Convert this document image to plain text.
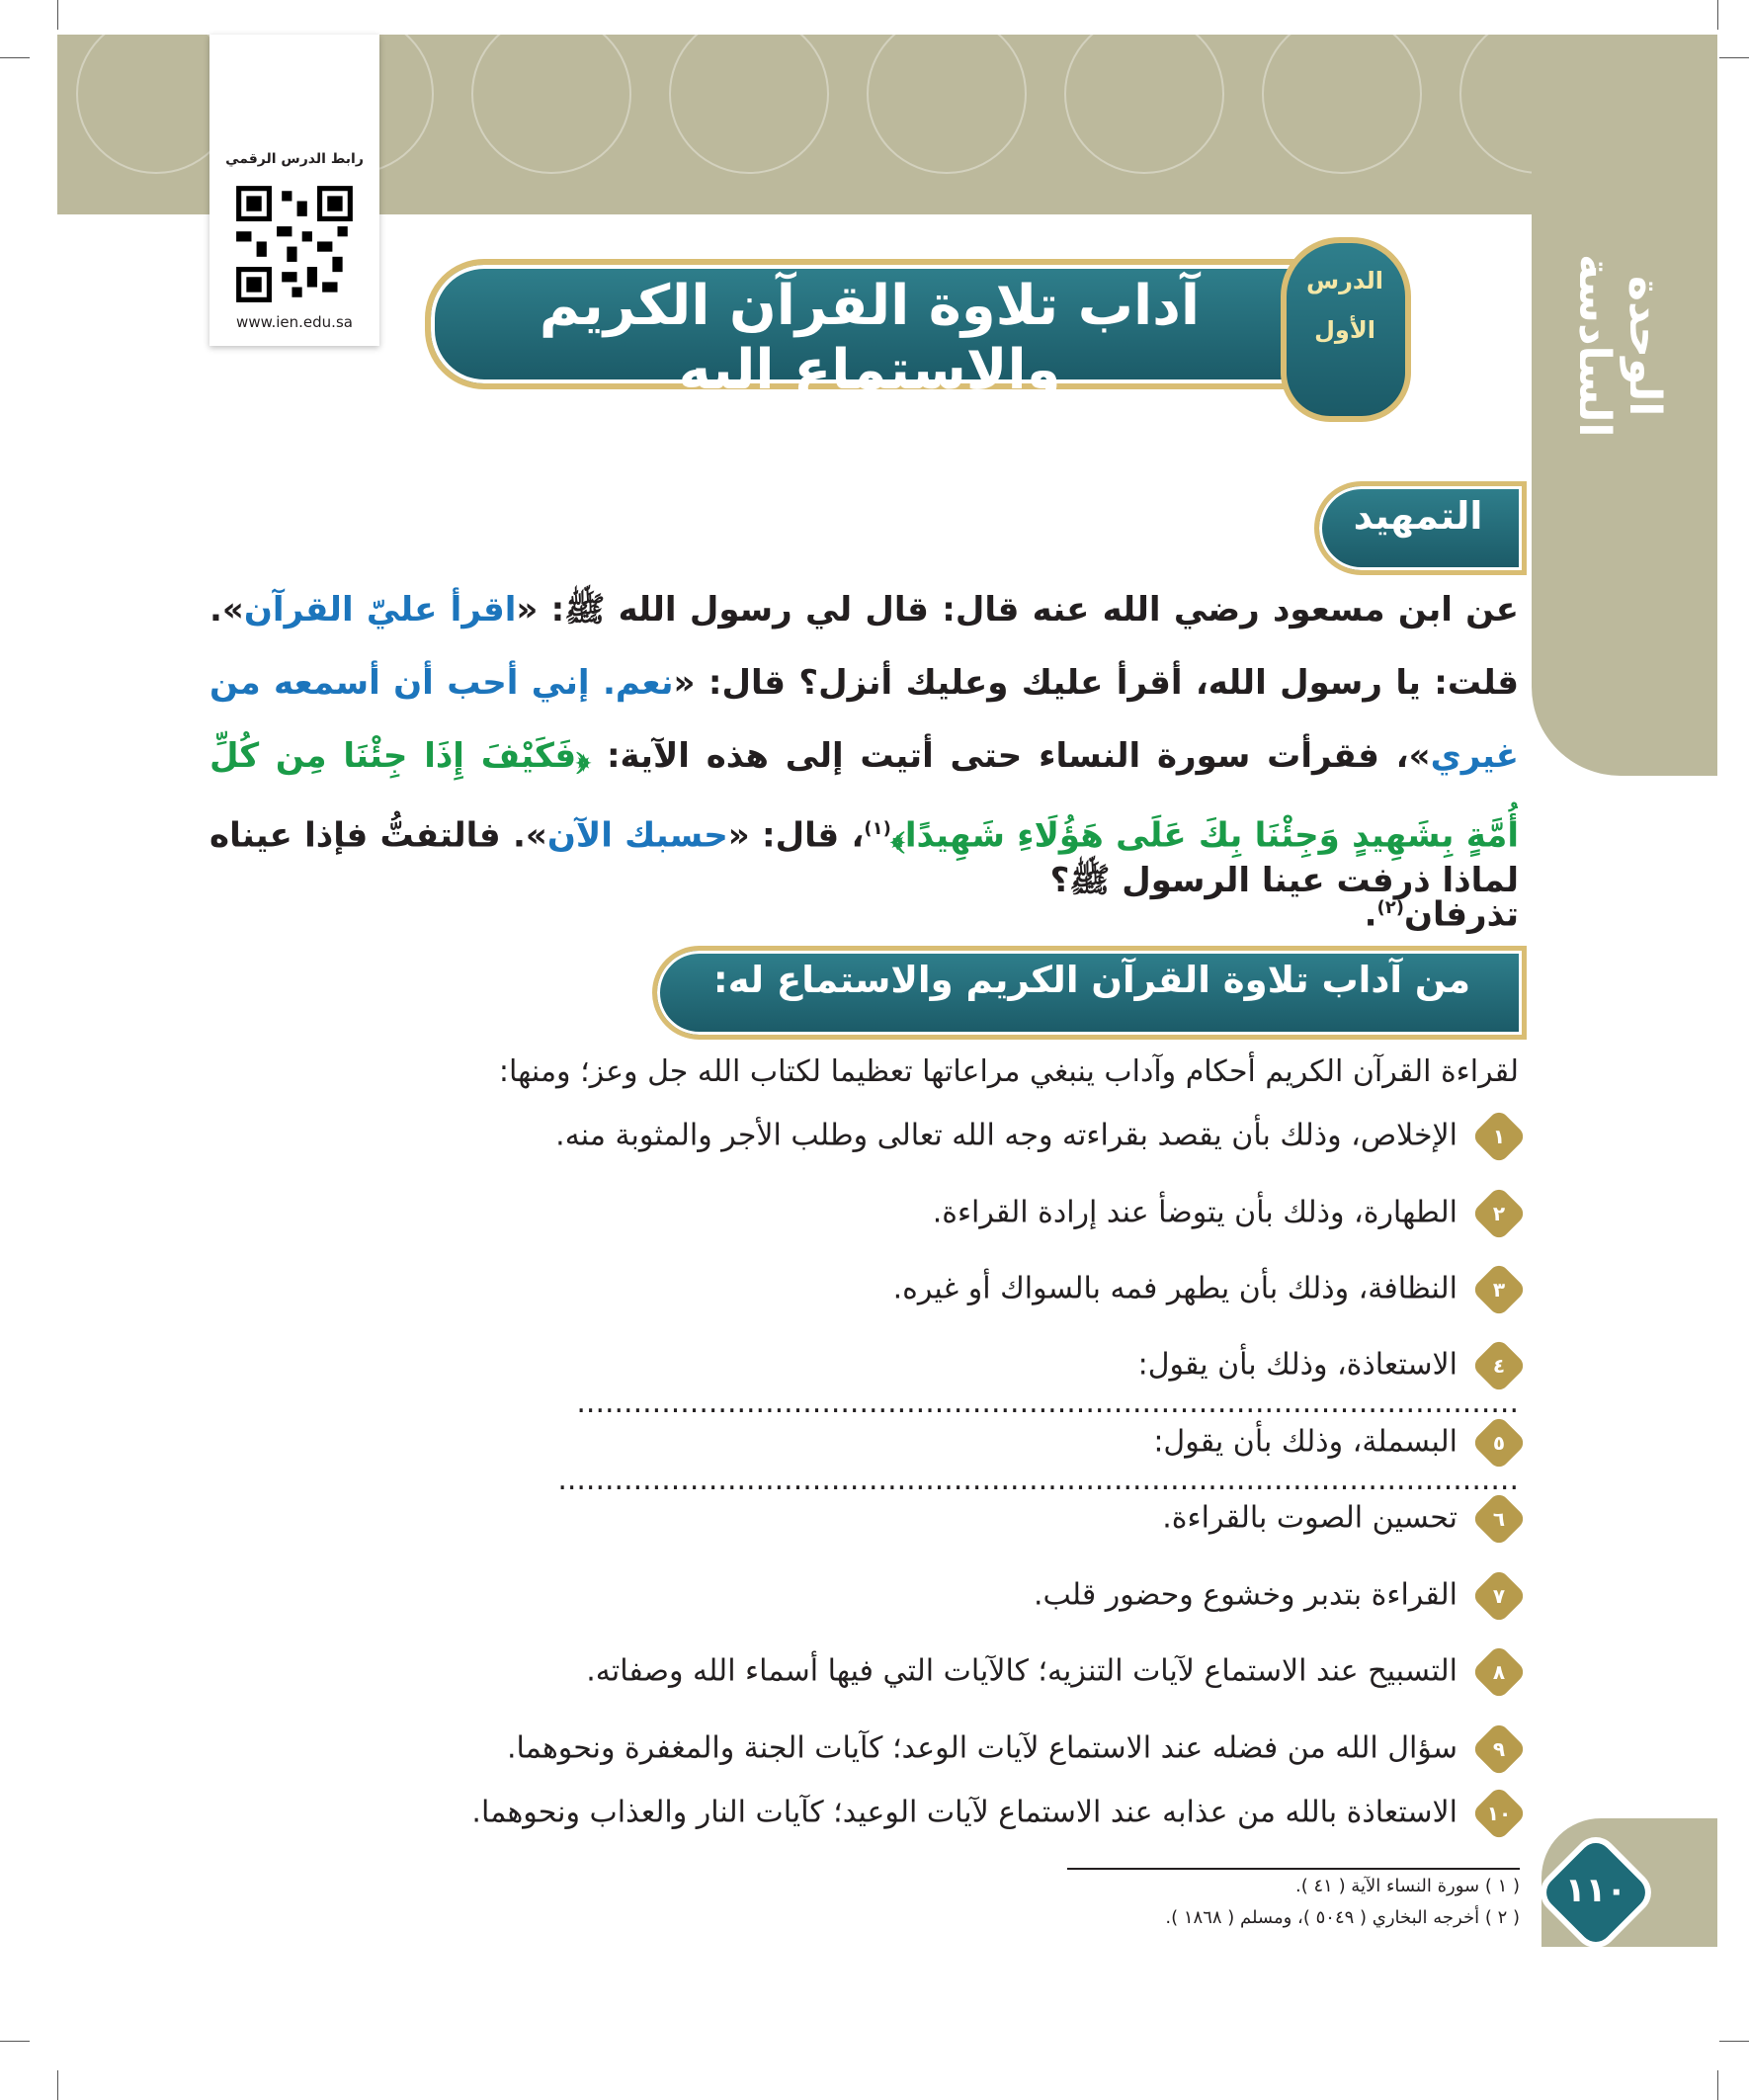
الوحدة السادسة
رابط الدرس الرقمي
www.ien.edu.sa	آداب تلاوة القرآن الكريم والاستماع إليه
الدرس
الأول
التمهيد
عن ابن مسعود رضي الله عنه قال: قال لي رسول الله ﷺ: «اقرأ عليّ القرآن». قلت: يا رسول الله، أقرأ عليك وعليك أنزل؟ قال: «نعم. إني أحب أن أسمعه من غيري»، فقرأت سورة النساء حتى أتيت إلى هذه الآية: ﴿فَكَيْفَ إِذَا جِئْنَا مِن كُلِّ أُمَّةٍ بِشَهِيدٍ وَجِئْنَا بِكَ عَلَى هَؤُلَاءِ شَهِيدًا﴾$^{(١)}$، قال: «حسبك الآن». فالتفتُّ فإذا عيناه تذرفان$^{(٢)}$.
لماذا ذرفت عينا الرسول ﷺ؟
من آداب تلاوة القرآن الكريم والاستماع له:
لقراءة القرآن الكريم أحكام وآداب ينبغي مراعاتها تعظيما لكتاب الله جل وعز؛ ومنها:
١
الإخلاص، وذلك بأن يقصد بقراءته وجه الله تعالى وطلب الأجر والمثوبة منه.
٢
الطهارة، وذلك بأن يتوضأ عند إرادة القراءة.
٣
النظافة، وذلك بأن يطهر فمه بالسواك أو غيره.
٤
الاستعاذة، وذلك بأن يقول: ....................................................................................................
٥
البسملة، وذلك بأن يقول: ......................................................................................................
٦
تحسين الصوت بالقراءة.
٧
القراءة بتدبر وخشوع وحضور قلب.
٨
التسبيح عند الاستماع لآيات التنزيه؛ كالآيات التي فيها أسماء الله وصفاته.
٩
سؤال الله من فضله عند الاستماع لآيات الوعد؛ كآيات الجنة والمغفرة ونحوهما.
١٠
الاستعاذة بالله من عذابه عند الاستماع لآيات الوعيد؛ كآيات النار والعذاب ونحوهما.
( ١ ) سورة النساء الآية ( ٤١ ).
( ٢ ) أخرجه البخاري ( ٥٠٤٩ )، ومسلم ( ١٨٦٨ ).
١١٠
